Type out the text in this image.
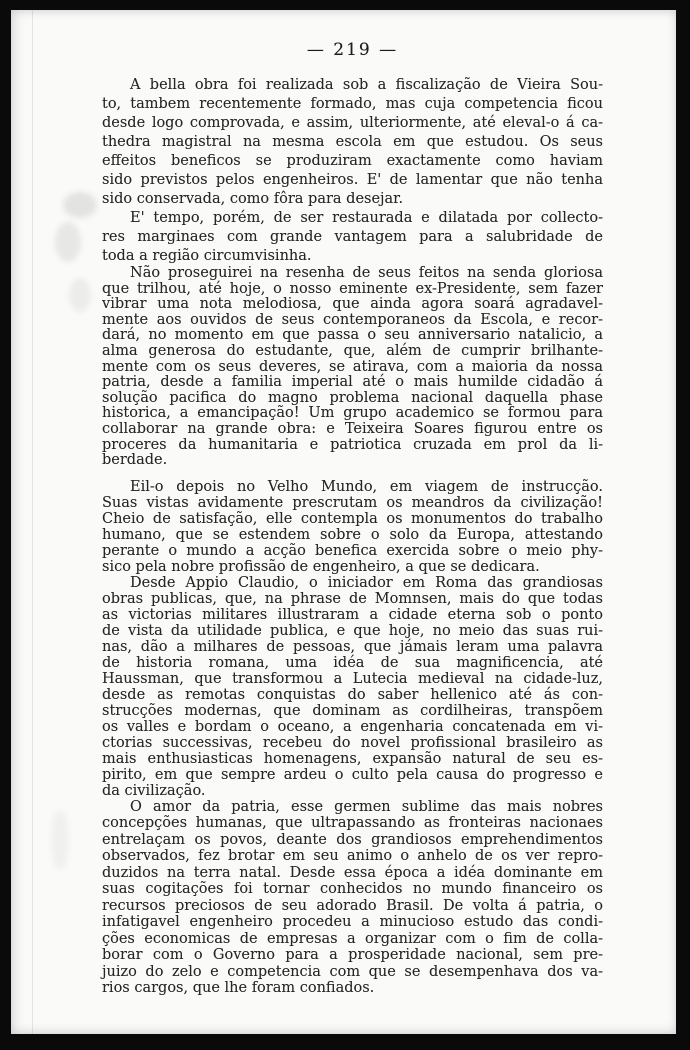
— 219 —
A bella obra foi realizada sob a fiscalização de Vieira Sou-
to, tambem recentemente formado, mas cuja competencia ficou
desde logo comprovada, e assim, ulteriormente, até eleval-o á ca-
thedra magistral na mesma escola em que estudou. Os seus
effeitos beneficos se produziram exactamente como haviam
sido previstos pelos engenheiros. E' de lamentar que não tenha
sido conservada, como fôra para desejar.
E' tempo, porém, de ser restaurada e dilatada por collecto-
res marginaes com grande vantagem para a salubridade de
toda a região circumvisinha.
Não proseguirei na resenha de seus feitos na senda gloriosa
que trilhou, até hoje, o nosso eminente ex-Presidente, sem fazer
vibrar uma nota melodiosa, que ainda agora soará agradavel-
mente aos ouvidos de seus contemporaneos da Escola, e recor-
dará, no momento em que passa o seu anniversario natalicio, a
alma generosa do estudante, que, além de cumprir brilhante-
mente com os seus deveres, se atirava, com a maioria da nossa
patria, desde a familia imperial até o mais humilde cidadão á
solução pacifica do magno problema nacional daquella phase
historica, a emancipação! Um grupo academico se formou para
collaborar na grande obra: e Teixeira Soares figurou entre os
proceres da humanitaria e patriotica cruzada em prol da li-
berdade.
Eil-o depois no Velho Mundo, em viagem de instrucção.
Suas vistas avidamente prescrutam os meandros da civilização!
Cheio de satisfação, elle contempla os monumentos do trabalho
humano, que se estendem sobre o solo da Europa, attestando
perante o mundo a acção benefica exercida sobre o meio phy-
sico pela nobre profissão de engenheiro, a que se dedicara.
Desde Appio Claudio, o iniciador em Roma das grandiosas
obras publicas, que, na phrase de Momnsen, mais do que todas
as victorias militares illustraram a cidade eterna sob o ponto
de vista da utilidade publica, e que hoje, no meio das suas rui-
nas, dão a milhares de pessoas, que jámais leram uma palavra
de historia romana, uma idéa de sua magnificencia, até
Haussman, que transformou a Lutecia medieval na cidade-luz,
desde as remotas conquistas do saber hellenico até ás con-
strucções modernas, que dominam as cordilheiras, transpõem
os valles e bordam o oceano, a engenharia concatenada em vi-
ctorias successivas, recebeu do novel profissional brasileiro as
mais enthusiasticas homenagens, expansão natural de seu es-
pirito, em que sempre ardeu o culto pela causa do progresso e
da civilização.
O amor da patria, esse germen sublime das mais nobres
concepções humanas, que ultrapassando as fronteiras nacionaes
entrelaçam os povos, deante dos grandiosos emprehendimentos
observados, fez brotar em seu animo o anhelo de os ver repro-
duzidos na terra natal. Desde essa época a idéa dominante em
suas cogitações foi tornar conhecidos no mundo financeiro os
recursos preciosos de seu adorado Brasil. De volta á patria, o
infatigavel engenheiro procedeu a minucioso estudo das condi-
ções economicas de empresas a organizar com o fim de colla-
borar com o Governo para a prosperidade nacional, sem pre-
juizo do zelo e competencia com que se desempenhava dos va-
rios cargos, que lhe foram confiados.
